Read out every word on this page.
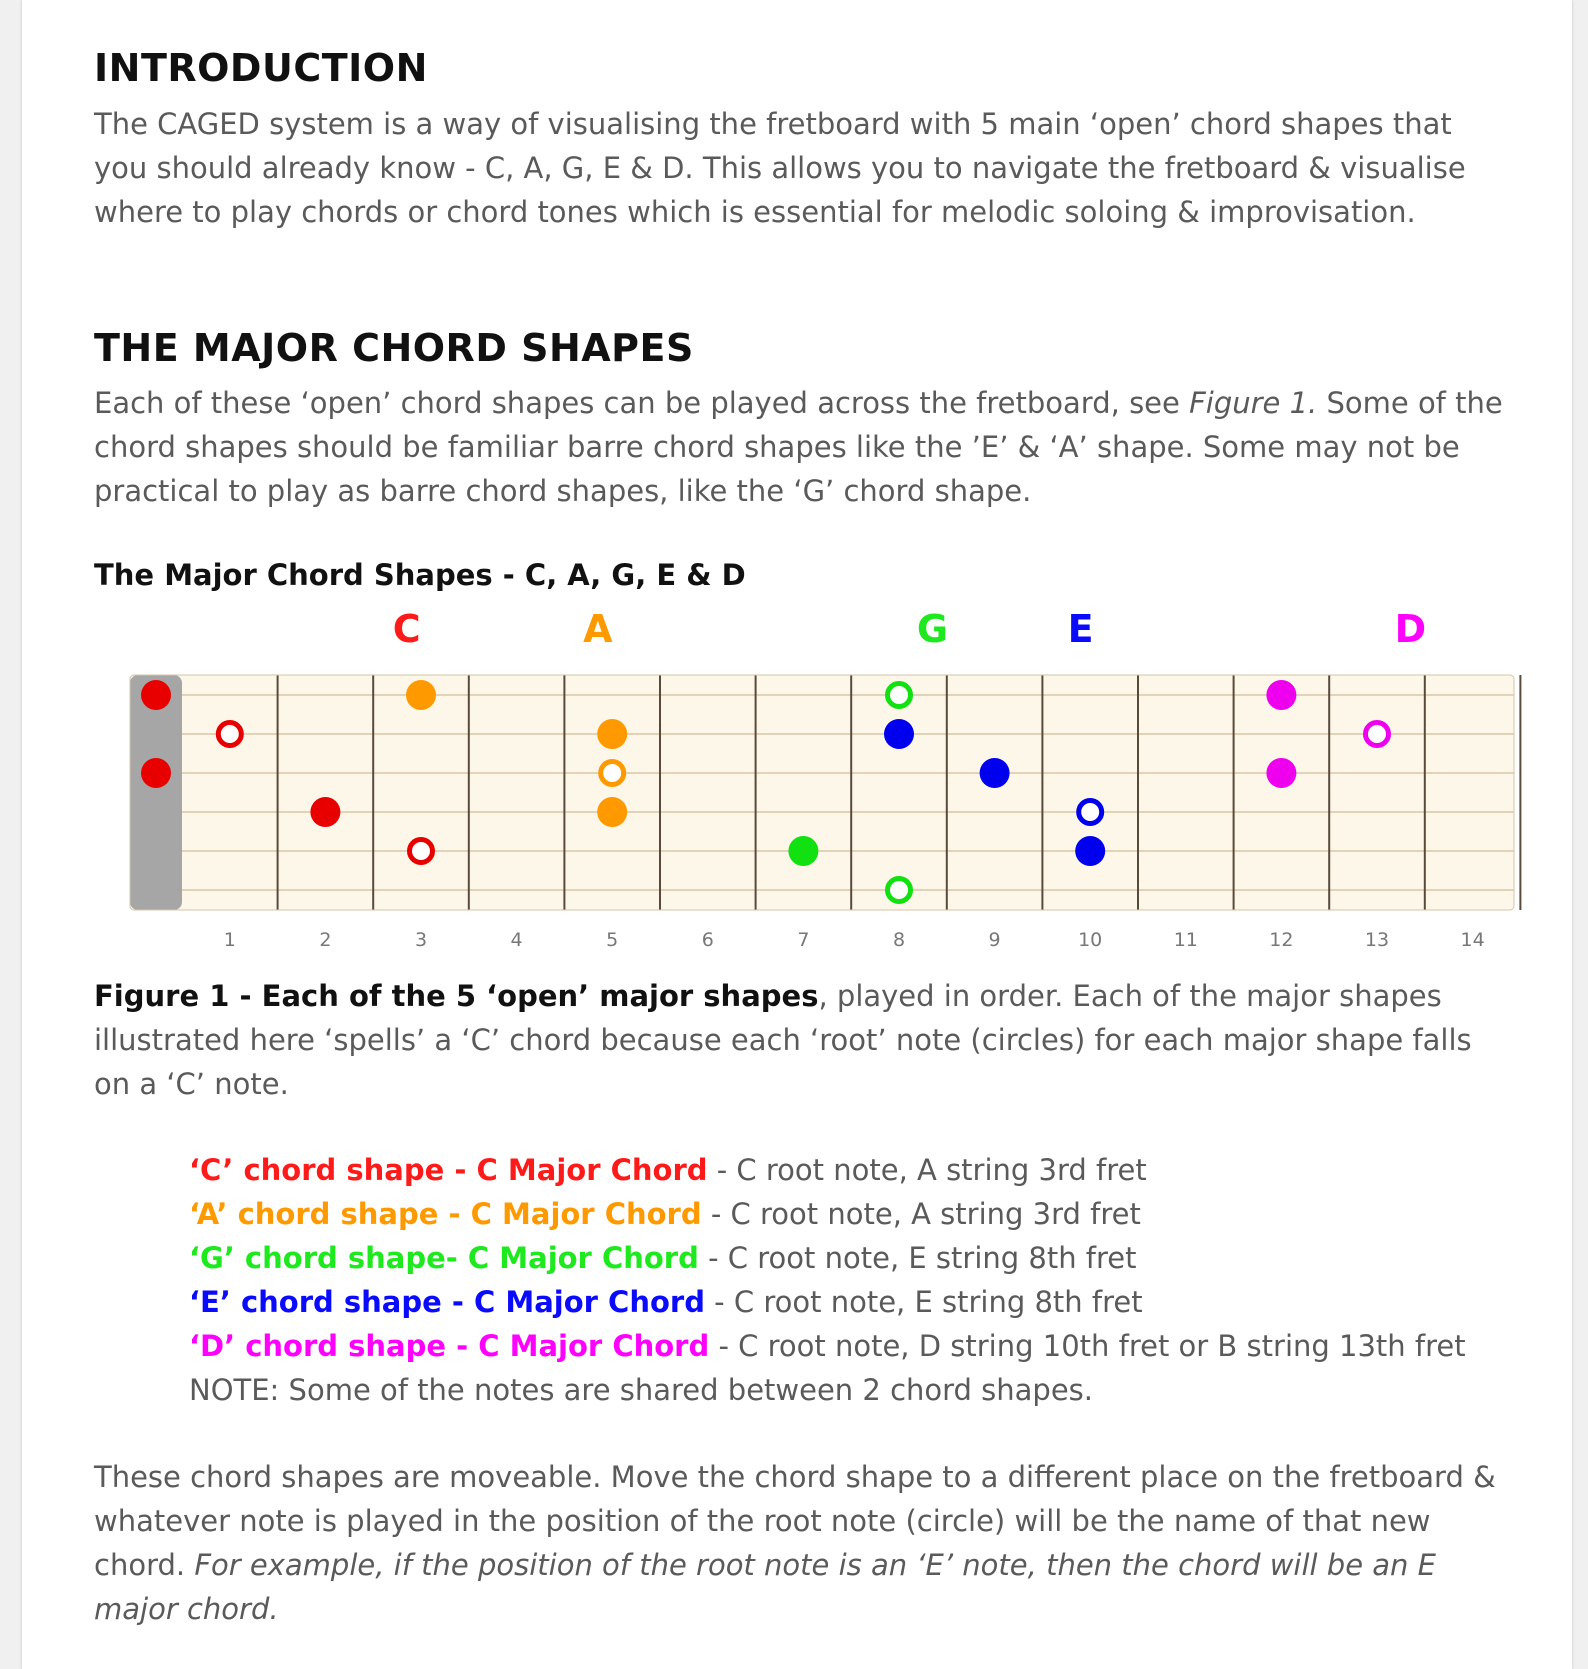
INTRODUCTION

The CAGED system is a way of visualising the fretboard with 5 main ‘open’ chord shapes that you should already know - C, A, G, E & D. This allows you to navigate the fretboard & visualise where to play chords or chord tones which is essential for melodic soloing & improvisation.

THE MAJOR CHORD SHAPES

Each of these ‘open’ chord shapes can be played across the fretboard, see Figure 1. Some of the chord shapes should be familiar barre chord shapes like the ’E’ & ‘A’ shape. Some may not be practical to play as barre chord shapes, like the ‘G’ chord shape.

The Major Chord Shapes - C, A, G, E & D

C	A	G	E	D
1	2	3	4	5	6	7	8	9	10	11	12	13	14

Figure 1 - Each of the 5 ‘open’ major shapes, played in order. Each of the major shapes illustrated here ‘spells’ a ‘C’ chord because each ‘root’ note (circles) for each major shape falls on a ‘C’ note.

‘C’ chord shape - C Major Chord - C root note, A string 3rd fret
‘A’ chord shape - C Major Chord - C root note, A string 3rd fret
‘G’ chord shape- C Major Chord - C root note, E string 8th fret
‘E’ chord shape - C Major Chord - C root note, E string 8th fret
‘D’ chord shape - C Major Chord - C root note, D string 10th fret or B string 13th fret
NOTE: Some of the notes are shared between 2 chord shapes.

These chord shapes are moveable. Move the chord shape to a different place on the fretboard & whatever note is played in the position of the root note (circle) will be the name of that new chord. For example, if the position of the root note is an ‘E’ note, then the chord will be an E major chord.
